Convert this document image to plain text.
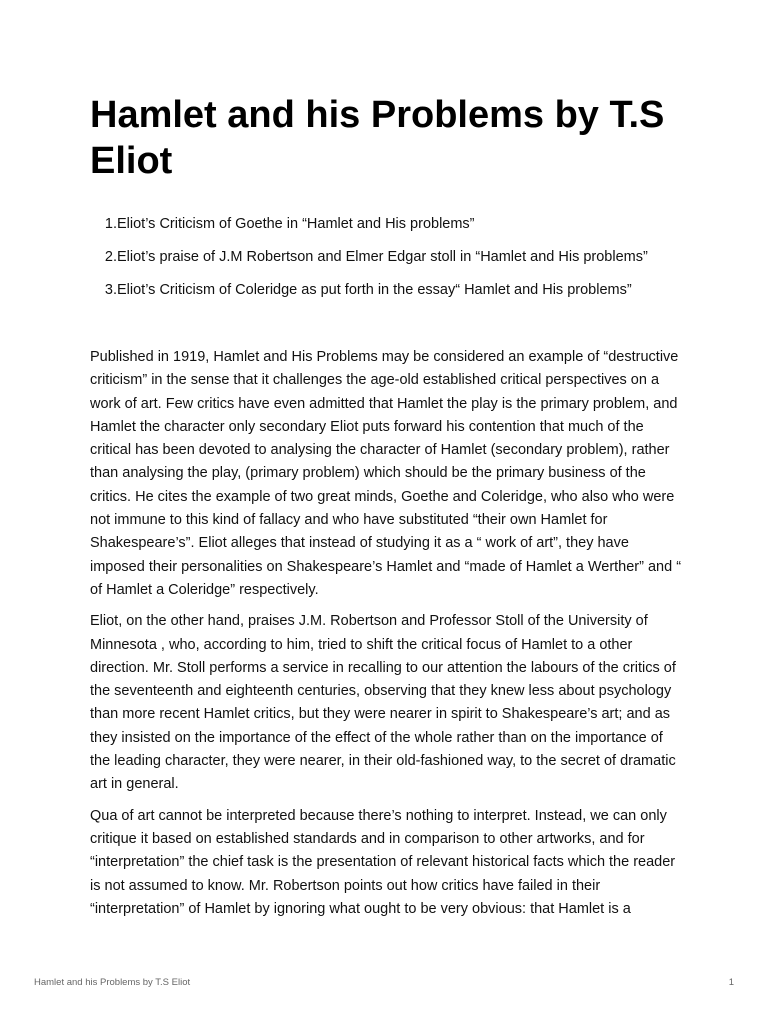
Hamlet and his Problems by T.S Eliot
1. Eliot’s Criticism of Goethe in “Hamlet and His problems”
2. Eliot’s praise of J.M Robertson and Elmer Edgar stoll in “Hamlet and His problems”
3. Eliot’s Criticism of Coleridge as put forth in the essay“ Hamlet and His problems”

Published in 1919, Hamlet and His Problems may be considered an example of “destructive criticism” in the sense that it challenges the age-old established critical perspectives on a work of art. Few critics have even admitted that Hamlet the play is the primary problem, and Hamlet the character only secondary Eliot puts forward his contention that much of the critical has been devoted to analysing the character of Hamlet (secondary problem), rather than analysing the play, (primary problem) which should be the primary business of the critics. He cites the example of two great minds, Goethe and Coleridge, who also who were not immune to this kind of fallacy and who have substituted “their own Hamlet for Shakespeare’s”. Eliot alleges that instead of studying it as a “ work of art”, they have imposed their personalities on Shakespeare’s Hamlet and “made of Hamlet a Werther” and “ of Hamlet a Coleridge” respectively.

Eliot, on the other hand, praises J.M. Robertson and Professor Stoll of the University of Minnesota , who, according to him, tried to shift the critical focus of Hamlet to a other direction. Mr. Stoll performs a service in recalling to our attention the labours of the critics of the seventeenth and eighteenth centuries, observing that they knew less about psychology than more recent Hamlet critics, but they were nearer in spirit to Shakespeare’s art; and as they insisted on the importance of the effect of the whole rather than on the importance of the leading character, they were nearer, in their old-fashioned way, to the secret of dramatic art in general.

Qua of art cannot be interpreted because there’s nothing to interpret. Instead, we can only critique it based on established standards and in comparison to other artworks, and for “interpretation” the chief task is the presentation of relevant historical facts which the reader is not assumed to know. Mr. Robertson points out how critics have failed in their “interpretation” of Hamlet by ignoring what ought to be very obvious: that Hamlet is a

Hamlet and his Problems by T.S Eliot	1
